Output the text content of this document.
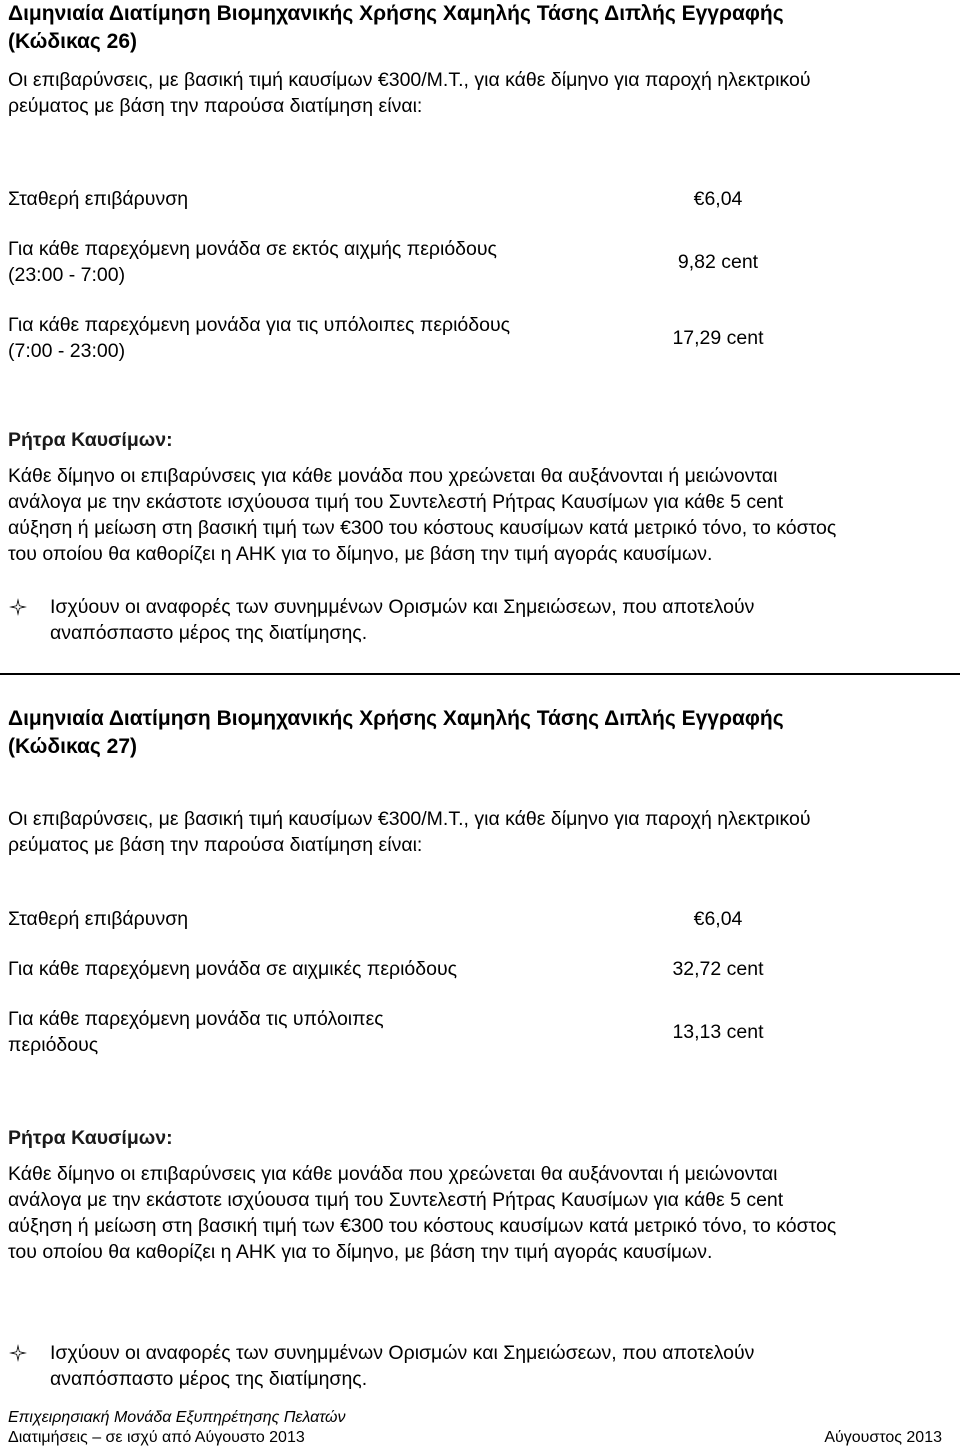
Διμηνιαία Διατίμηση Βιομηχανικής Χρήσης Χαμηλής Τάσης Διπλής Εγγραφής

(Κώδικας 26)

Οι επιβαρύνσεις, με βασική τιμή καυσίμων €300/Μ.Τ., για κάθε δίμηνο για παροχή ηλεκτρικού

ρεύματος με βάση την παρούσα διατίμηση είναι:

Σταθερή επιβάρυνση	€6,04
Για κάθε παρεχόμενη μονάδα σε εκτός αιχμής περιόδους
(23:00 - 7:00)
9,82 cent
Για κάθε παρεχόμενη μονάδα για τις υπόλοιπες περιόδους
(7:00 - 23:00)
17,29 cent

Ρήτρα Καυσίμων:

Κάθε δίμηνο οι επιβαρύνσεις για κάθε μονάδα που χρεώνεται θα αυξάνονται ή μειώνονται

ανάλογα με την εκάστοτε ισχύουσα τιμή του Συντελεστή Ρήτρας Καυσίμων για κάθε 5 cent

αύξηση ή μείωση στη βασική τιμή των €300 του κόστους καυσίμων κατά μετρικό τόνο, το κόστος

του οποίου θα καθορίζει η ΑΗΚ για το δίμηνο, με βάση την τιμή αγοράς καυσίμων.

Ισχύουν οι αναφορές των συνημμένων Ορισμών και Σημειώσεων, που αποτελούν
αναπόσπαστο μέρος της διατίμησης.

Διμηνιαία Διατίμηση Βιομηχανικής Χρήσης Χαμηλής Τάσης Διπλής Εγγραφής

(Κώδικας 27)

Οι επιβαρύνσεις, με βασική τιμή καυσίμων €300/Μ.Τ., για κάθε δίμηνο για παροχή ηλεκτρικού

ρεύματος με βάση την παρούσα διατίμηση είναι:

Σταθερή επιβάρυνση	€6,04
Για κάθε παρεχόμενη μονάδα σε αιχμικές περιόδους	32,72 cent
Για κάθε παρεχόμενη μονάδα τις υπόλοιπες
περιόδους
13,13 cent

Ρήτρα Καυσίμων:

Κάθε δίμηνο οι επιβαρύνσεις για κάθε μονάδα που χρεώνεται θα αυξάνονται ή μειώνονται

ανάλογα με την εκάστοτε ισχύουσα τιμή του Συντελεστή Ρήτρας Καυσίμων για κάθε 5 cent

αύξηση ή μείωση στη βασική τιμή των €300 του κόστους καυσίμων κατά μετρικό τόνο, το κόστος

του οποίου θα καθορίζει η ΑΗΚ για το δίμηνο, με βάση την τιμή αγοράς καυσίμων.

Ισχύουν οι αναφορές των συνημμένων Ορισμών και Σημειώσεων, που αποτελούν
αναπόσπαστο μέρος της διατίμησης.
Επιχειρησιακή Μονάδα Εξυπηρέτησης Πελατών
Διατιμήσεις – σε ισχύ από Αύγουστο 2013	Αύγουστος 2013
